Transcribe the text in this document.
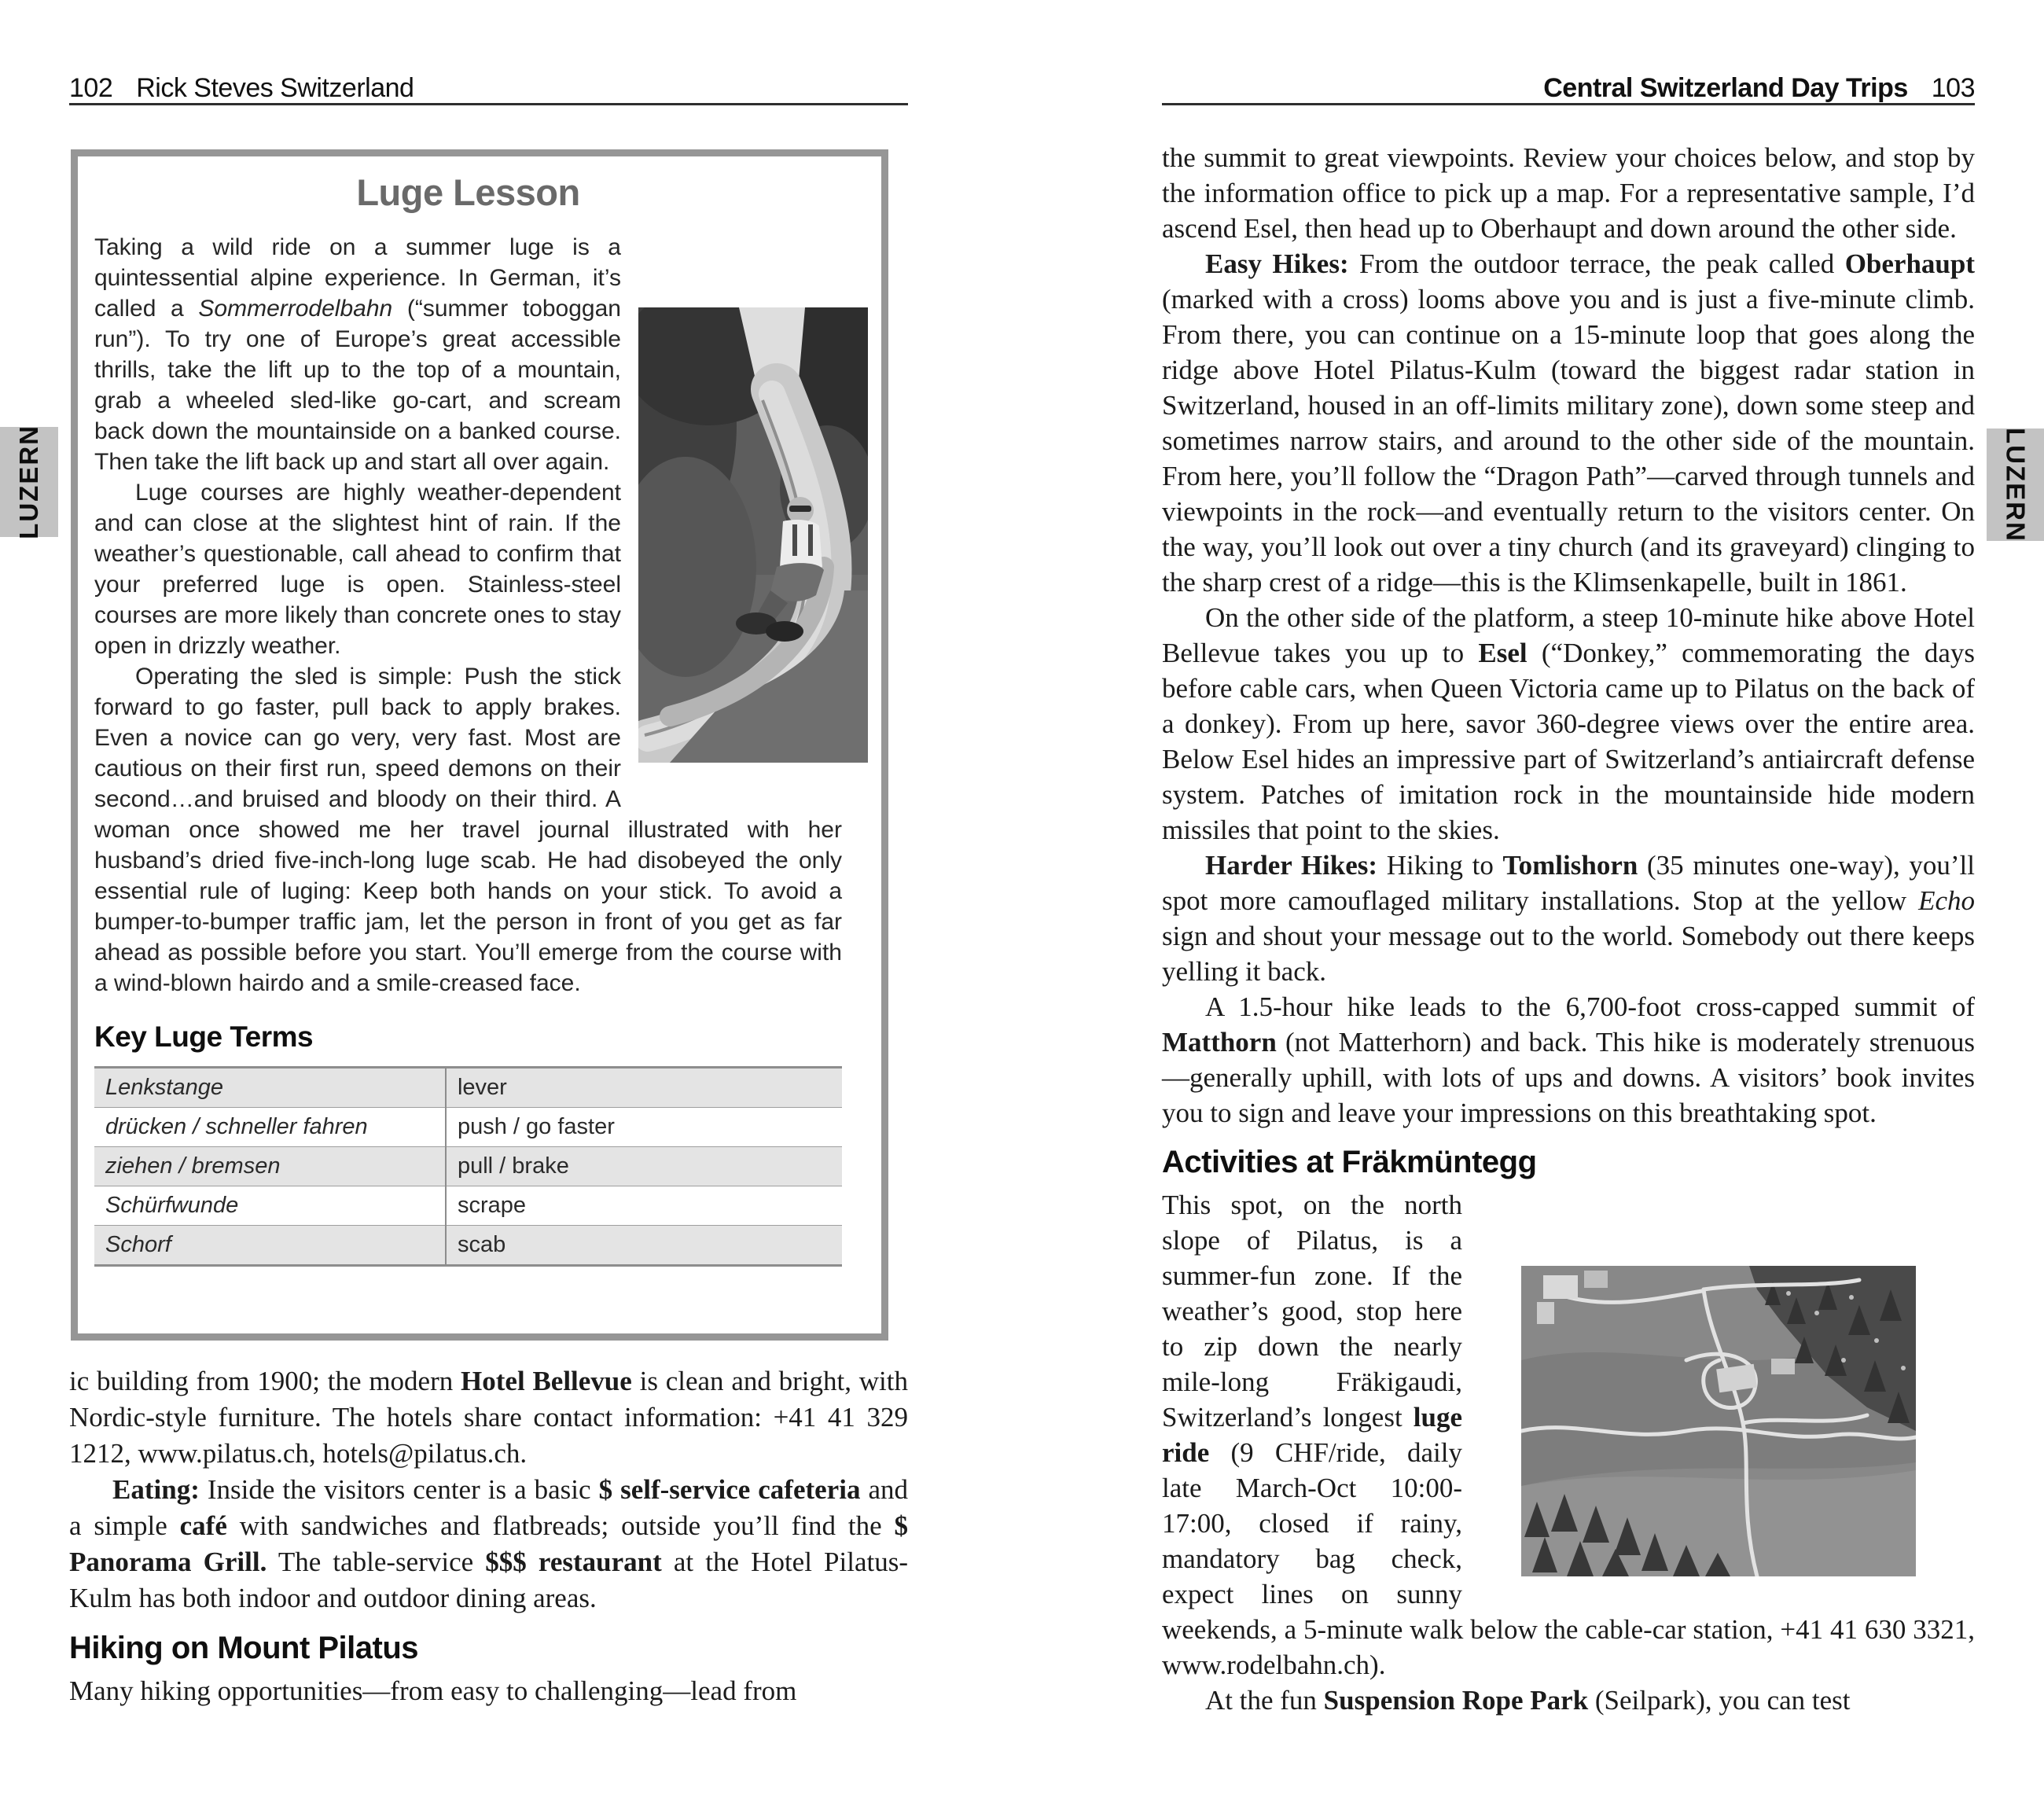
102 Rick Steves Switzerland	Central Switzerland Day Trips 103
LUZERN	LUZERN
Luge Lesson

Taking a wild ride on a summer luge is a quintessential alpine experience. In German, it’s called a Sommerrodelbahn (“summer toboggan run”). To try one of Europe’s great accessible thrills, take the lift up to the top of a mountain, grab a wheeled sled-like go-cart, and scream back down the mountainside on a banked course. Then take the lift back up and start all over again.

Luge courses are highly weather-dependent and can close at the slightest hint of rain. If the weather’s questionable, call ahead to confirm that your preferred luge is open. Stainless-steel courses are more likely than concrete ones to stay open in drizzly weather.

Operating the sled is simple: Push the stick forward to go faster, pull back to apply brakes. Even a novice can go very, very fast. Most are cautious on their first run, speed demons on their second…and bruised and bloody on their third. A woman once showed me her travel journal illustrated with her husband’s dried five-inch-long luge scab. He had disobeyed the only essential rule of luging: Keep both hands on your stick. To avoid a bumper-to-bumper traffic jam, let the person in front of you get as far ahead as possible before you start. You’ll emerge from the course with a wind-blown hairdo and a smile-creased face.

Key Luge Terms
Lenkstange	lever
drücken / schneller fahren	push / go faster
ziehen / bremsen	pull / brake
Schürfwunde	scrape
Schorf	scab

ic building from 1900; the modern Hotel Bellevue is clean and bright, with Nordic-style furniture. The hotels share contact information: +41 41 329 1212, www.pilatus.ch, hotels@pilatus.ch.

Eating: Inside the visitors center is a basic $ self-service cafeteria and a simple café with sandwiches and flatbreads; outside you’ll find the $ Panorama Grill. The table-service $$$ restaurant at the Hotel Pilatus-Kulm has both indoor and outdoor dining areas.

Hiking on Mount Pilatus

Many hiking opportunities—from easy to challenging—lead from

the summit to great viewpoints. Review your choices below, and stop by the information office to pick up a map. For a representative sample, I’d ascend Esel, then head up to Oberhaupt and down around the other side.

Easy Hikes: From the outdoor terrace, the peak called Oberhaupt (marked with a cross) looms above you and is just a five-minute climb. From there, you can continue on a 15-minute loop that goes along the ridge above Hotel Pilatus-Kulm (toward the biggest radar station in Switzerland, housed in an off-limits military zone), down some steep and sometimes narrow stairs, and around to the other side of the mountain. From here, you’ll follow the “Dragon Path”—carved through tunnels and viewpoints in the rock—and eventually return to the visitors center. On the way, you’ll look out over a tiny church (and its graveyard) clinging to the sharp crest of a ridge—this is the Klimsenkapelle, built in 1861.

On the other side of the platform, a steep 10-minute hike above Hotel Bellevue takes you up to Esel (“Donkey,” commemorating the days before cable cars, when Queen Victoria came up to Pilatus on the back of a donkey). From up here, savor 360-degree views over the entire area. Below Esel hides an impressive part of Switzerland’s antiaircraft defense system. Patches of imitation rock in the mountainside hide modern missiles that point to the skies.

Harder Hikes: Hiking to Tomlishorn (35 minutes one-way), you’ll spot more camouflaged military installations. Stop at the yellow Echo sign and shout your message out to the world. Somebody out there keeps yelling it back.

A 1.5-hour hike leads to the 6,700-foot cross-capped summit of Matthorn (not Matterhorn) and back. This hike is moderately strenuous—generally uphill, with lots of ups and downs. A visitors’ book invites you to sign and leave your impressions on this breathtaking spot.

Activities at Fräkmüntegg

This spot, on the north slope of Pilatus, is a summer-fun zone. If the weather’s good, stop here to zip down the nearly mile-long Fräkigaudi, Switzerland’s longest luge ride (9 CHF/ride, daily late March-Oct 10:00-17:00, closed if rainy, mandatory bag check, expect lines on sunny weekends, a 5-minute walk below the cable-car station, +41 41 630 3321, www.rodelbahn.ch).

At the fun Suspension Rope Park (Seilpark), you can test
